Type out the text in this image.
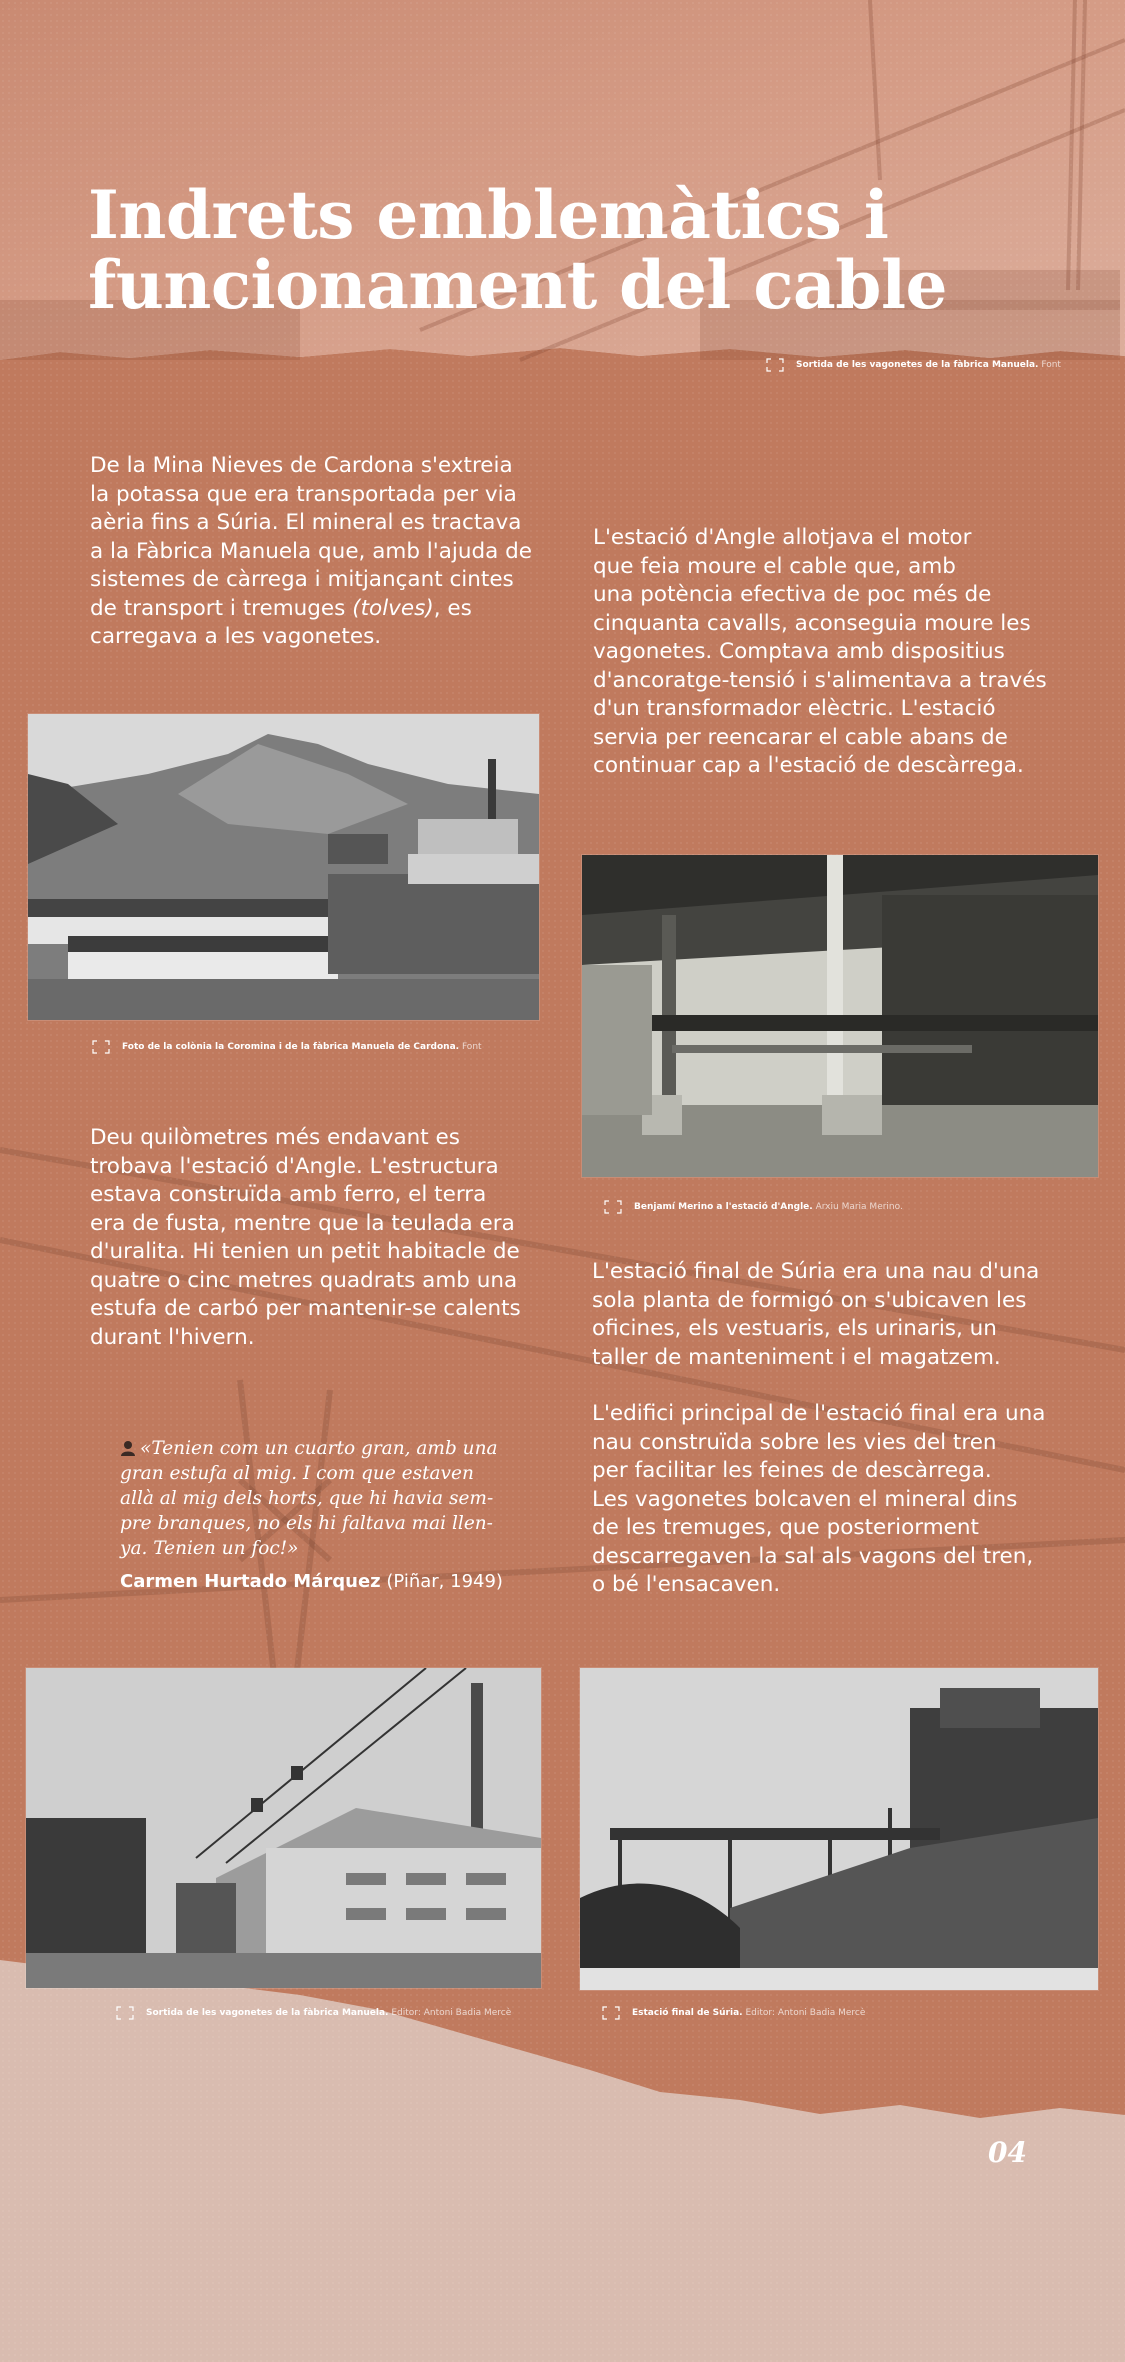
Indrets emblemàtics i
funcionament del cable
Sortida de les vagonetes de la fàbrica Manuela. Font
De la Mina Nieves de Cardona s'extreia
la potassa que era transportada per via
aèria fins a Súria. El mineral es tractava
a la Fàbrica Manuela que, amb l'ajuda de
sistemes de càrrega i mitjançant cintes
de transport i tremuges (tolves), es
carregava a les vagonetes.
L'estació d'Angle allotjava el motor
que feia moure el cable que, amb
una potència efectiva de poc més de
cinquanta cavalls, aconseguia moure les
vagonetes. Comptava amb dispositius
d'ancoratge-tensió i s'alimentava a través
d'un transformador elèctric. L'estació
servia per reencarar el cable abans de
continuar cap a l'estació de descàrrega.
Foto de la colònia la Coromina i de la fàbrica Manuela de Cardona. Font
Benjamí Merino a l'estació d'Angle. Arxiu Maria Merino.
Deu quilòmetres més endavant es
trobava l'estació d'Angle. L'estructura
estava construïda amb ferro, el terra
era de fusta, mentre que la teulada era
d'uralita. Hi tenien un petit habitacle de
quatre o cinc metres quadrats amb una
estufa de carbó per mantenir-se calents
durant l'hivern.
L'estació final de Súria era una nau d'una
sola planta de formigó on s'ubicaven les
oficines, els vestuaris, els urinaris, un
taller de manteniment i el magatzem.
L'edifici principal de l'estació final era una
nau construïda sobre les vies del tren
per facilitar les feines de descàrrega.
Les vagonetes bolcaven el mineral dins
de les tremuges, que posteriorment
descarregaven la sal als vagons del tren,
o bé l'ensacaven.
«Tenien com un cuarto gran, amb una
gran estufa al mig. I com que estaven
allà al mig dels horts, que hi havia sem-
pre branques, no els hi faltava mai llen-
ya. Tenien un foc!»
Carmen Hurtado Márquez (Piñar, 1949)
Sortida de les vagonetes de la fàbrica Manuela. Editor: Antoni Badia Mercè	Estació final de Súria. Editor: Antoni Badia Mercè
04
